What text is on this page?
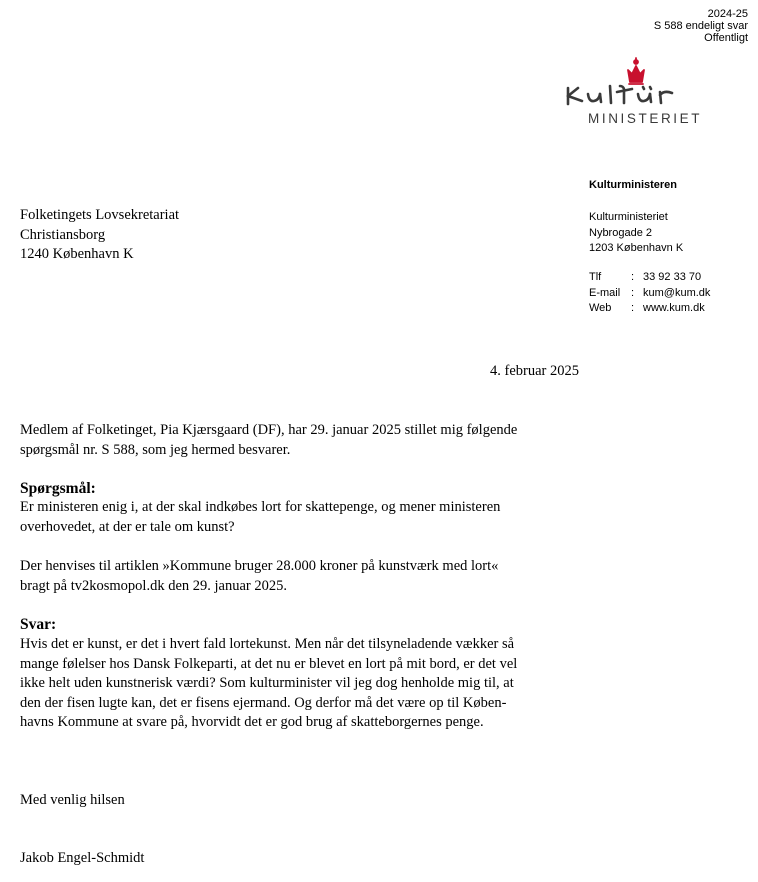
2024-25
S 588 endeligt svar
Offentligt
MINISTERIET
Kulturministeren
Kulturministeriet
Nybrogade 2
1203 København K
Tlf	: 33 92 33 70
E-mail : kum@kum.dk
Web	: www.kum.dk
Folketingets Lovsekretariat
Christiansborg
1240 København K
4. februar 2025
Medlem af Folketinget, Pia Kjærsgaard (DF), har 29. januar 2025 stillet mig følgende
spørgsmål nr. S 588, som jeg hermed besvarer.
Spørgsmål:
Er ministeren enig i, at der skal indkøbes lort for skattepenge, og mener ministeren
overhovedet, at der er tale om kunst?
Der henvises til artiklen »Kommune bruger 28.000 kroner på kunstværk med lort«
bragt på tv2kosmopol.dk den 29. januar 2025.
Svar:
Hvis det er kunst, er det i hvert fald lortekunst. Men når det tilsyneladende vækker så
mange følelser hos Dansk Folkeparti, at det nu er blevet en lort på mit bord, er det vel
ikke helt uden kunstnerisk værdi? Som kulturminister vil jeg dog henholde mig til, at
den der fisen lugte kan, det er fisens ejermand. Og derfor må det være op til Køben-
havns Kommune at svare på, hvorvidt det er god brug af skatteborgernes penge.
Med venlig hilsen
Jakob Engel-Schmidt
